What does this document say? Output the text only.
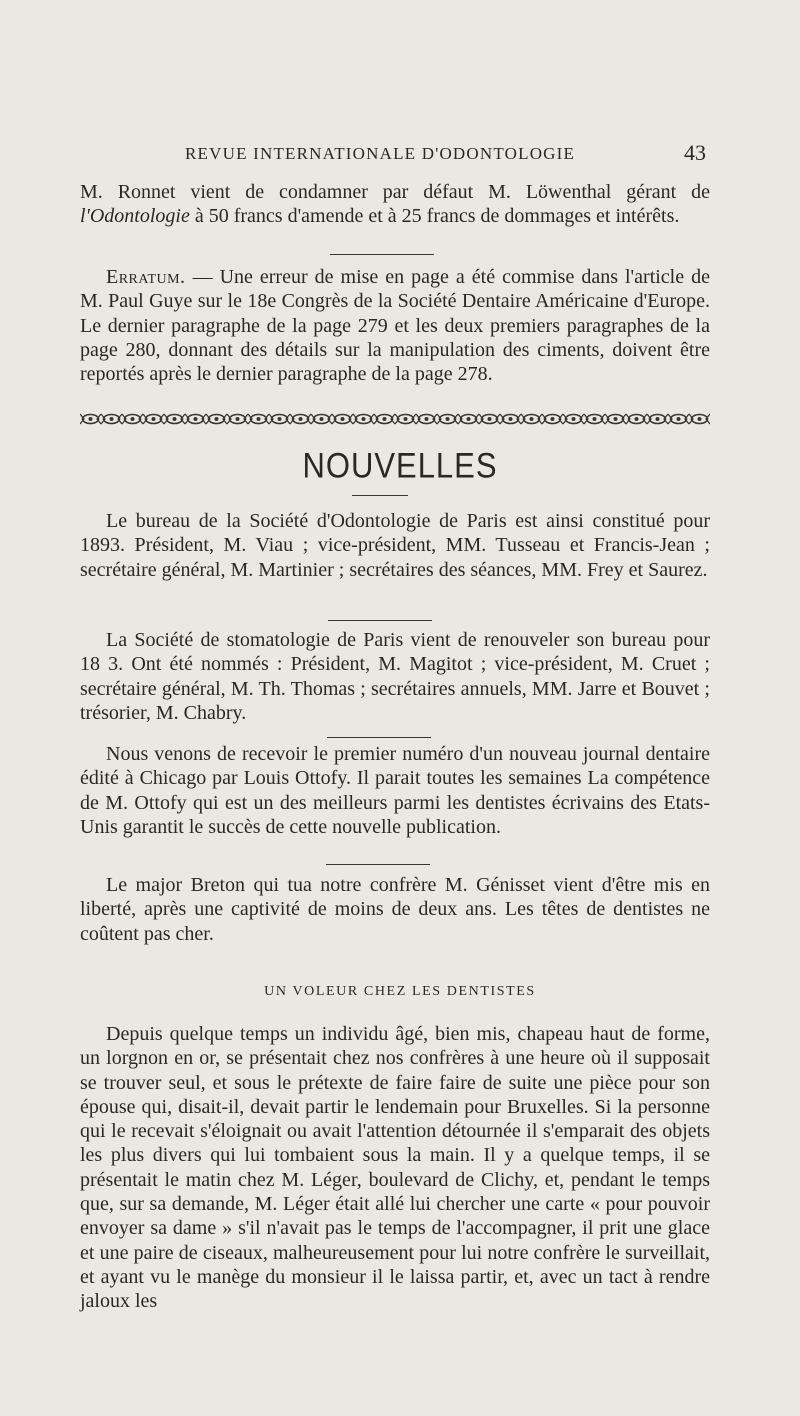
REVUE INTERNATIONALE D'ODONTOLOGIE	43

M. Ronnet vient de condamner par défaut M. Löwenthal gérant de l'Odontologie à 50 francs d'amende et à 25 francs de dommages et intérêts.

Erratum. — Une erreur de mise en page a été commise dans l'article de M. Paul Guye sur le 18e Congrès de la Société Dentaire Américaine d'Europe. Le dernier paragraphe de la page 279 et les deux premiers paragraphes de la page 280, donnant des détails sur la manipulation des ciments, doivent être reportés après le dernier paragraphe de la page 278.

NOUVELLES

Le bureau de la Société d'Odontologie de Paris est ainsi constitué pour 1893. Président, M. Viau ; vice-président, MM. Tusseau et Francis-Jean ; secrétaire général, M. Martinier ; secrétaires des séances, MM. Frey et Saurez.

La Société de stomatologie de Paris vient de renouveler son bureau pour 18 3. Ont été nommés : Président, M. Magitot ; vice-président, M. Cruet ; secrétaire général, M. Th. Thomas ; secrétaires annuels, MM. Jarre et Bouvet ; trésorier, M. Chabry.

Nous venons de recevoir le premier numéro d'un nouveau journal dentaire édité à Chicago par Louis Ottofy. Il parait toutes les semaines La compétence de M. Ottofy qui est un des meilleurs parmi les dentistes écrivains des Etats-Unis garantit le succès de cette nouvelle publication.

Le major Breton qui tua notre confrère M. Génisset vient d'être mis en liberté, après une captivité de moins de deux ans. Les têtes de dentistes ne coûtent pas cher.

UN VOLEUR CHEZ LES DENTISTES

Depuis quelque temps un individu âgé, bien mis, chapeau haut de forme, un lorgnon en or, se présentait chez nos confrères à une heure où il supposait se trouver seul, et sous le prétexte de faire faire de suite une pièce pour son épouse qui, disait-il, devait partir le lendemain pour Bruxelles. Si la personne qui le recevait s'éloignait ou avait l'attention détournée il s'emparait des objets les plus divers qui lui tombaient sous la main. Il y a quelque temps, il se présentait le matin chez M. Léger, boulevard de Clichy, et, pendant le temps que, sur sa demande, M. Léger était allé lui chercher une carte « pour pouvoir envoyer sa dame » s'il n'avait pas le temps de l'accompagner, il prit une glace et une paire de ciseaux, malheureusement pour lui notre confrère le surveillait, et ayant vu le manège du monsieur il le laissa partir, et, avec un tact à rendre jaloux les
